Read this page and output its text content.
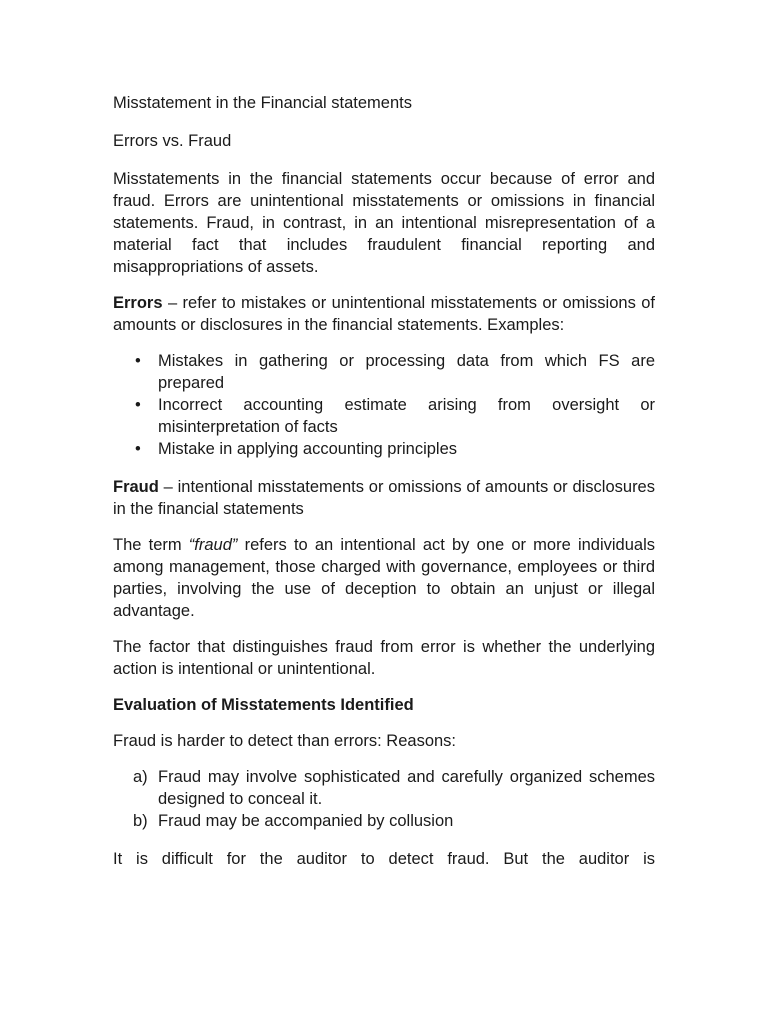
Misstatement in the Financial statements

Errors vs. Fraud

Misstatements in the financial statements occur because of error and fraud. Errors are unintentional misstatements or omissions in financial statements. Fraud, in contrast, in an intentional misrepresentation of a material fact that includes fraudulent financial reporting and misappropriations of assets.

Errors – refer to mistakes or unintentional misstatements or omissions of amounts or disclosures in the financial statements. Examples:

• Mistakes in gathering or processing data from which FS are prepared
• Incorrect accounting estimate arising from oversight or misinterpretation of facts
• Mistake in applying accounting principles

Fraud – intentional misstatements or omissions of amounts or disclosures in the financial statements

The term “fraud” refers to an intentional act by one or more individuals among management, those charged with governance, employees or third parties, involving the use of deception to obtain an unjust or illegal advantage.

The factor that distinguishes fraud from error is whether the underlying action is intentional or unintentional.

Evaluation of Misstatements Identified

Fraud is harder to detect than errors: Reasons:

a) Fraud may involve sophisticated and carefully organized schemes designed to conceal it.
b) Fraud may be accompanied by collusion

It is difficult for the auditor to detect fraud. But the auditor is
